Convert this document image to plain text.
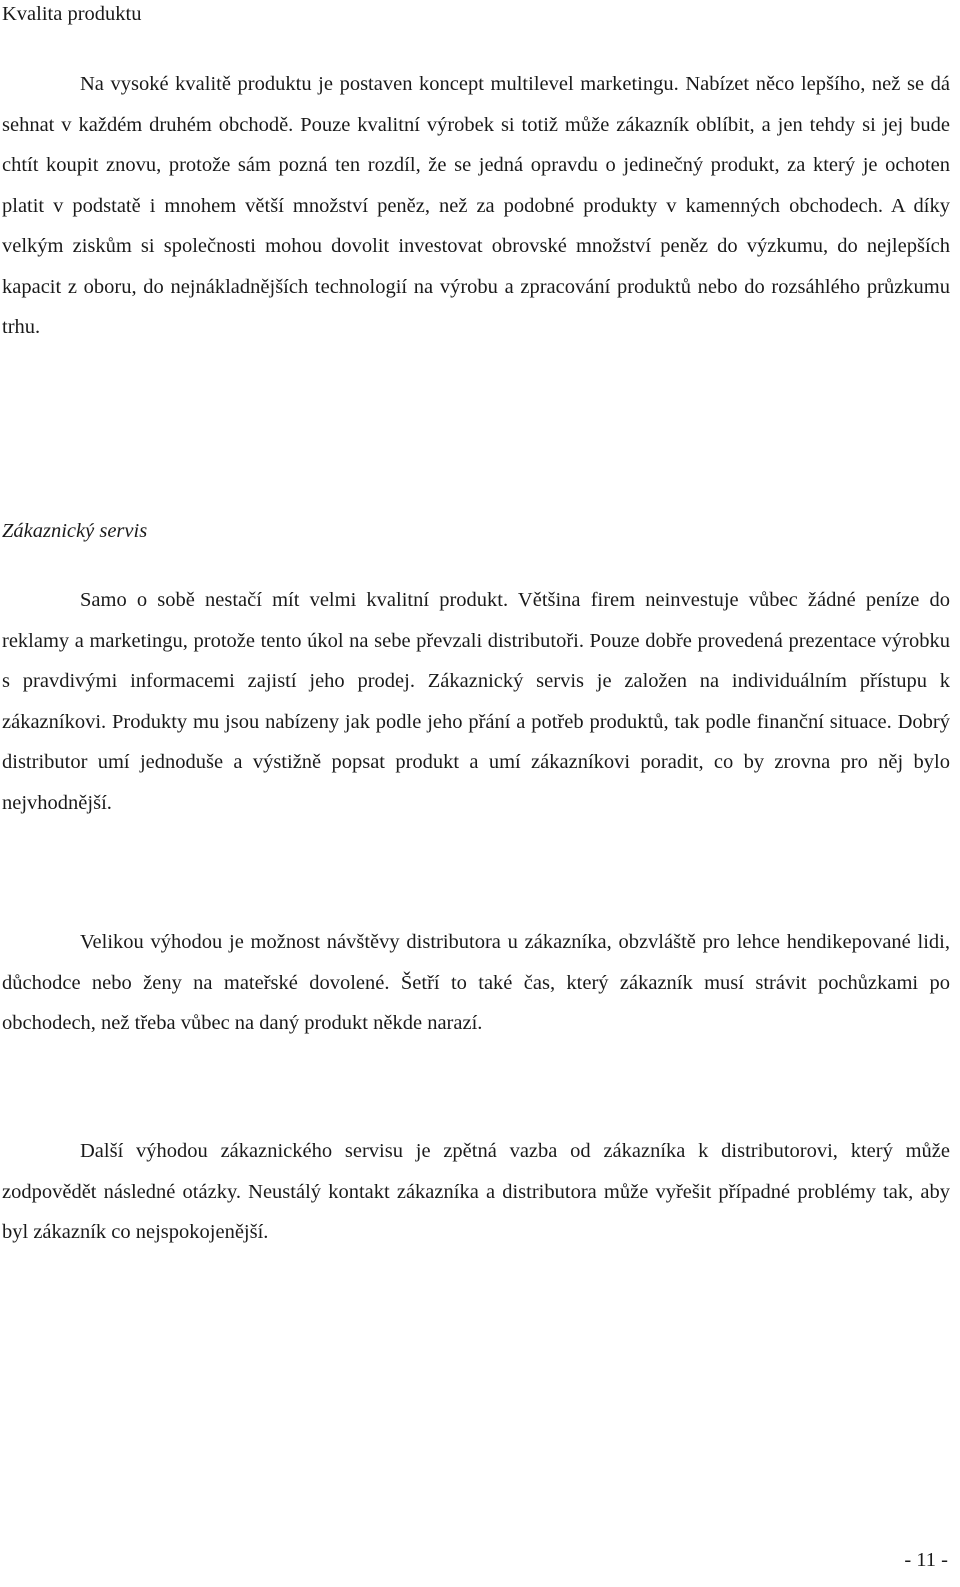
Kvalita produktu

Na vysoké kvalitě produktu je postaven koncept multilevel marketingu. Nabízet něco lepšího, než se dá sehnat v každém druhém obchodě. Pouze kvalitní výrobek si totiž může zákazník oblíbit, a jen tehdy si jej bude chtít koupit znovu, protože sám pozná ten rozdíl, že se jedná opravdu o jedinečný produkt, za který je ochoten platit v podstatě i mnohem větší množství peněz, než za podobné produkty v kamenných obchodech. A díky velkým ziskům si společnosti mohou dovolit investovat obrovské množství peněz do výzkumu, do nejlepších kapacit z oboru, do nejnákladnějších technologií na výrobu a zpracování produktů nebo do rozsáhlého průzkumu trhu.

Zákaznický servis

Samo o sobě nestačí mít velmi kvalitní produkt. Většina firem neinvestuje vůbec žádné peníze do reklamy a marketingu, protože tento úkol na sebe převzali distributoři. Pouze dobře provedená prezentace výrobku s pravdivými informacemi zajistí jeho prodej. Zákaznický servis je založen na individuálním přístupu k zákazníkovi. Produkty mu jsou nabízeny jak podle jeho přání a potřeb produktů, tak podle finanční situace. Dobrý distributor umí jednoduše a výstižně popsat produkt a umí zákazníkovi poradit, co by zrovna pro něj bylo nejvhodnější.

Velikou výhodou je možnost návštěvy distributora u zákazníka, obzvláště pro lehce hendikepované lidi, důchodce nebo ženy na mateřské dovolené. Šetří to také čas, který zákazník musí strávit pochůzkami po obchodech, než třeba vůbec na daný produkt někde narazí.

Další výhodou zákaznického servisu je zpětná vazba od zákazníka k distributorovi, který může zodpovědět následné otázky. Neustálý kontakt zákazníka a distributora může vyřešit případné problémy tak, aby byl zákazník co nejspokojenější.

- 11 -
